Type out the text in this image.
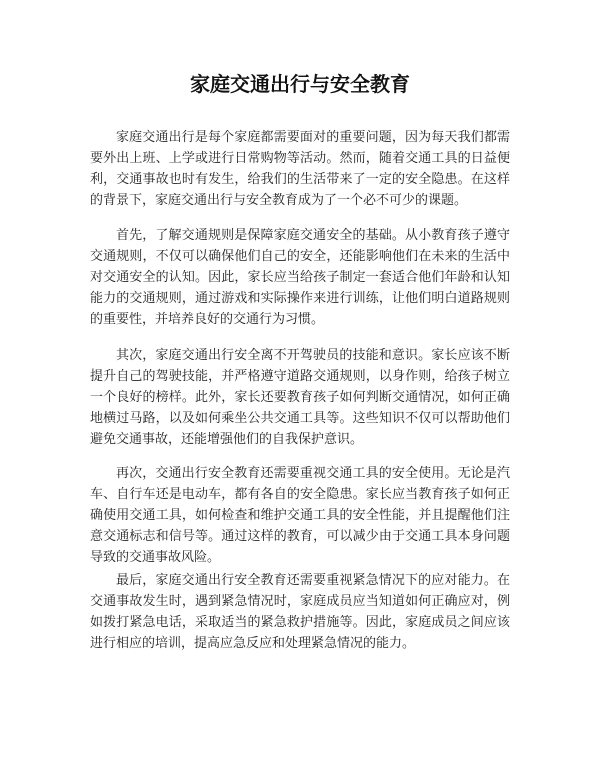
家庭交通出行与安全教育

家庭交通出行是每个家庭都需要面对的重要问题，因为每天我们都需要外出上班、上学或进行日常购物等活动。然而，随着交通工具的日益便利，交通事故也时有发生，给我们的生活带来了一定的安全隐患。在这样的背景下，家庭交通出行与安全教育成为了一个必不可少的课题。

首先，了解交通规则是保障家庭交通安全的基础。从小教育孩子遵守交通规则，不仅可以确保他们自己的安全，还能影响他们在未来的生活中对交通安全的认知。因此，家长应当给孩子制定一套适合他们年龄和认知能力的交通规则，通过游戏和实际操作来进行训练，让他们明白道路规则的重要性，并培养良好的交通行为习惯。

其次，家庭交通出行安全离不开驾驶员的技能和意识。家长应该不断提升自己的驾驶技能，并严格遵守道路交通规则，以身作则，给孩子树立一个良好的榜样。此外，家长还要教育孩子如何判断交通情况，如何正确地横过马路，以及如何乘坐公共交通工具等。这些知识不仅可以帮助他们避免交通事故，还能增强他们的自我保护意识。

再次，交通出行安全教育还需要重视交通工具的安全使用。无论是汽车、自行车还是电动车，都有各自的安全隐患。家长应当教育孩子如何正确使用交通工具，如何检查和维护交通工具的安全性能，并且提醒他们注意交通标志和信号等。通过这样的教育，可以减少由于交通工具本身问题导致的交通事故风险。

最后，家庭交通出行安全教育还需要重视紧急情况下的应对能力。在交通事故发生时，遇到紧急情况时，家庭成员应当知道如何正确应对，例如拨打紧急电话，采取适当的紧急救护措施等。因此，家庭成员之间应该进行相应的培训，提高应急反应和处理紧急情况的能力。
